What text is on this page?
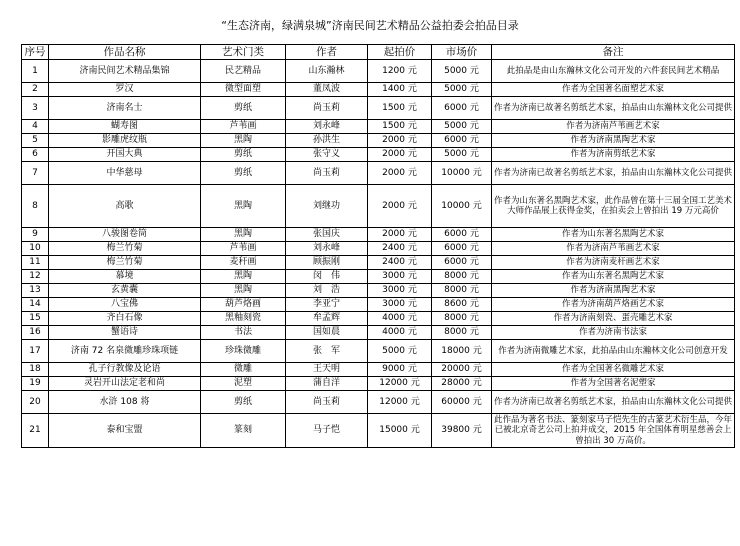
“生态济南，绿满泉城”济南民间艺术精品公益拍委会拍品目录
序号	作品名称	艺术门类	作者	起拍价	市场价	备注
1	济南民间艺术精品集锦	民艺精品	山东瀚林	1200 元	5000 元	此拍品是由山东瀚林文化公司开发的六件套民间艺术精品
2	罗汉	微型面塑	董凤波	1400 元	5000 元	作者为全国著名面塑艺术家
3	济南名士	剪纸	尚玉莉	1500 元	6000 元	作者为济南已故著名剪纸艺术家，拍品由山东瀚林文化公司提供
4	蝴寿图	芦苇画	刘永峰	1500 元	5000 元	作者为济南芦苇画艺术家
5	影雕虎纹瓶	黑陶	孙洪生	2000 元	6000 元	作者为济南黑陶艺术家
6	开国大典	剪纸	张守义	2000 元	5000 元	作者为济南剪纸艺术家
7	中华慈母	剪纸	尚玉莉	2000 元	10000 元	作者为济南已故著名剪纸艺术家，拍品由山东瀚林文化公司提供
8	高歌	黑陶	刘继功	2000 元	10000 元	作者为山东著名黑陶艺术家，此作品曾在第十三届全国工艺美术大师作品展上获得金奖，在拍卖会上曾拍出 19 万元高价
9	八骏图卷筒	黑陶	张国庆	2000 元	6000 元	作者为山东著名黑陶艺术家
10	梅兰竹菊	芦苇画	刘永峰	2400 元	6000 元	作者为济南芦苇画艺术家
11	梅兰竹菊	麦秆画	顾振刚	2400 元	6000 元	作者为济南麦秆画艺术家
12	慕境	黑陶	闵　伟	3000 元	8000 元	作者为山东著名黑陶艺术家
13	玄黄囊	黑陶	刘　浩	3000 元	8000 元	作者为济南黑陶艺术家
14	八宝佛	葫芦烙画	李亚宁	3000 元	8600 元	作者为济南葫芦烙画艺术家
15	齐白石像	黑釉刻瓷	牟孟辉	4000 元	8000 元	作者为济南刻瓷、蛋壳雕艺术家
16	蟹语诗	书法	国如晨	4000 元	8000 元	作者为济南书法家
17	济南 72 名泉微雕珍珠项链	珍珠微雕	张　军	5000 元	18000 元	作者为济南微雕艺术家，此拍品由山东瀚林文化公司创意开发
18	孔子行教像及论语	微雕	王天明	9000 元	20000 元	作者为全国著名微雕艺术家
19	灵岩开山法定老和尚	泥塑	蒲自洋	12000 元	28000 元	作者为全国著名泥塑家
20	水浒 108 将	剪纸	尚玉莉	12000 元	60000 元	作者为济南已故著名剪纸艺术家，拍品由山东瀚林文化公司提供
21	泰和宝盟	篆刻	马子恺	15000 元	39800 元	此作品为著名书法、篆刻家马子恺先生的古篆艺术衍生品，今年已被北京奇艺公司上拍并成交，2015 年全国体育明星慈善会上曾拍出 30 万高价。
